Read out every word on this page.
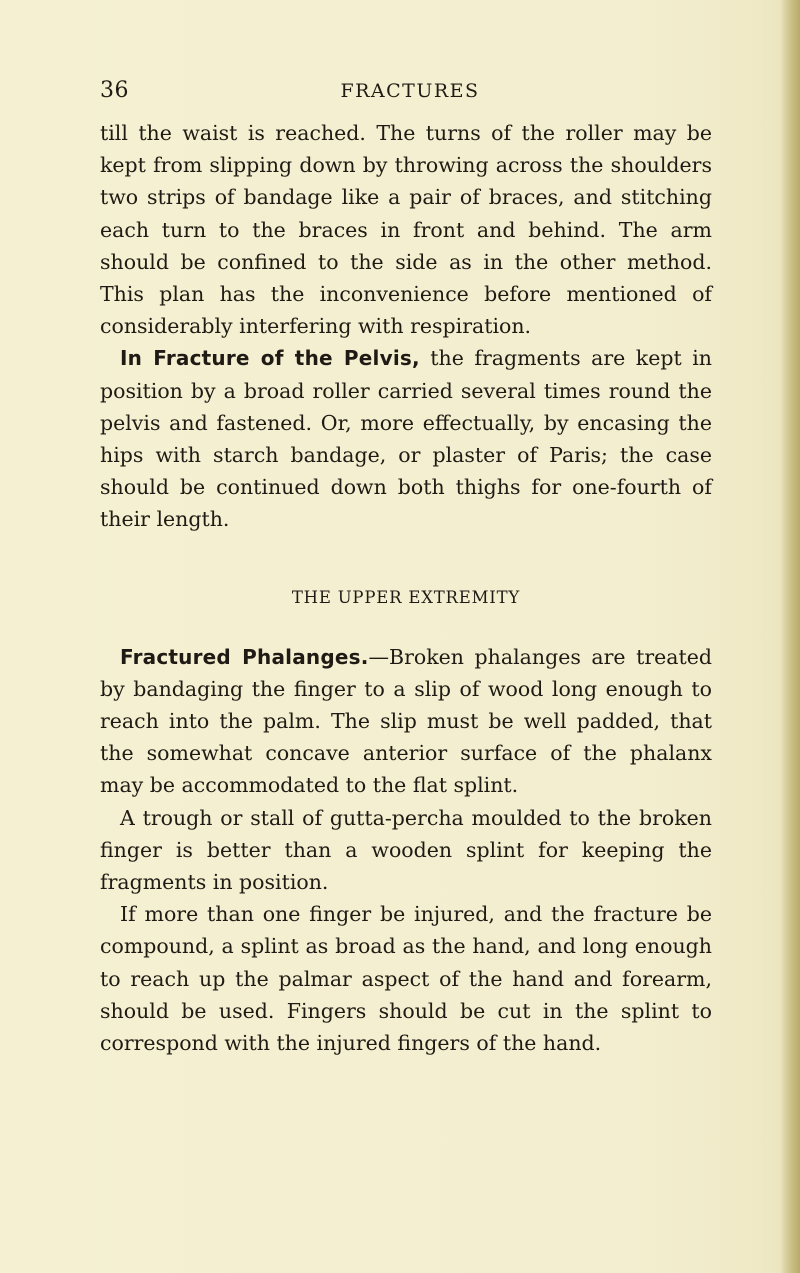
36	FRACTURES

till the waist is reached. The turns of the roller may be kept from slipping down by throwing across the shoulders two strips of bandage like a pair of braces, and stitching each turn to the braces in front and behind. The arm should be confined to the side as in the other method. This plan has the inconvenience before mentioned of considerably interfering with respiration.

In Fracture of the Pelvis, the fragments are kept in position by a broad roller carried several times round the pelvis and fastened. Or, more effectually, by encasing the hips with starch bandage, or plaster of Paris; the case should be continued down both thighs for one-fourth of their length.

THE UPPER EXTREMITY

Fractured Phalanges.—Broken phalanges are treated by bandaging the finger to a slip of wood long enough to reach into the palm. The slip must be well padded, that the somewhat concave anterior surface of the phalanx may be accommodated to the flat splint.

A trough or stall of gutta-percha moulded to the broken finger is better than a wooden splint for keeping the fragments in position.

If more than one finger be injured, and the fracture be compound, a splint as broad as the hand, and long enough to reach up the palmar aspect of the hand and forearm, should be used. Fingers should be cut in the splint to correspond with the injured fingers of the hand.
